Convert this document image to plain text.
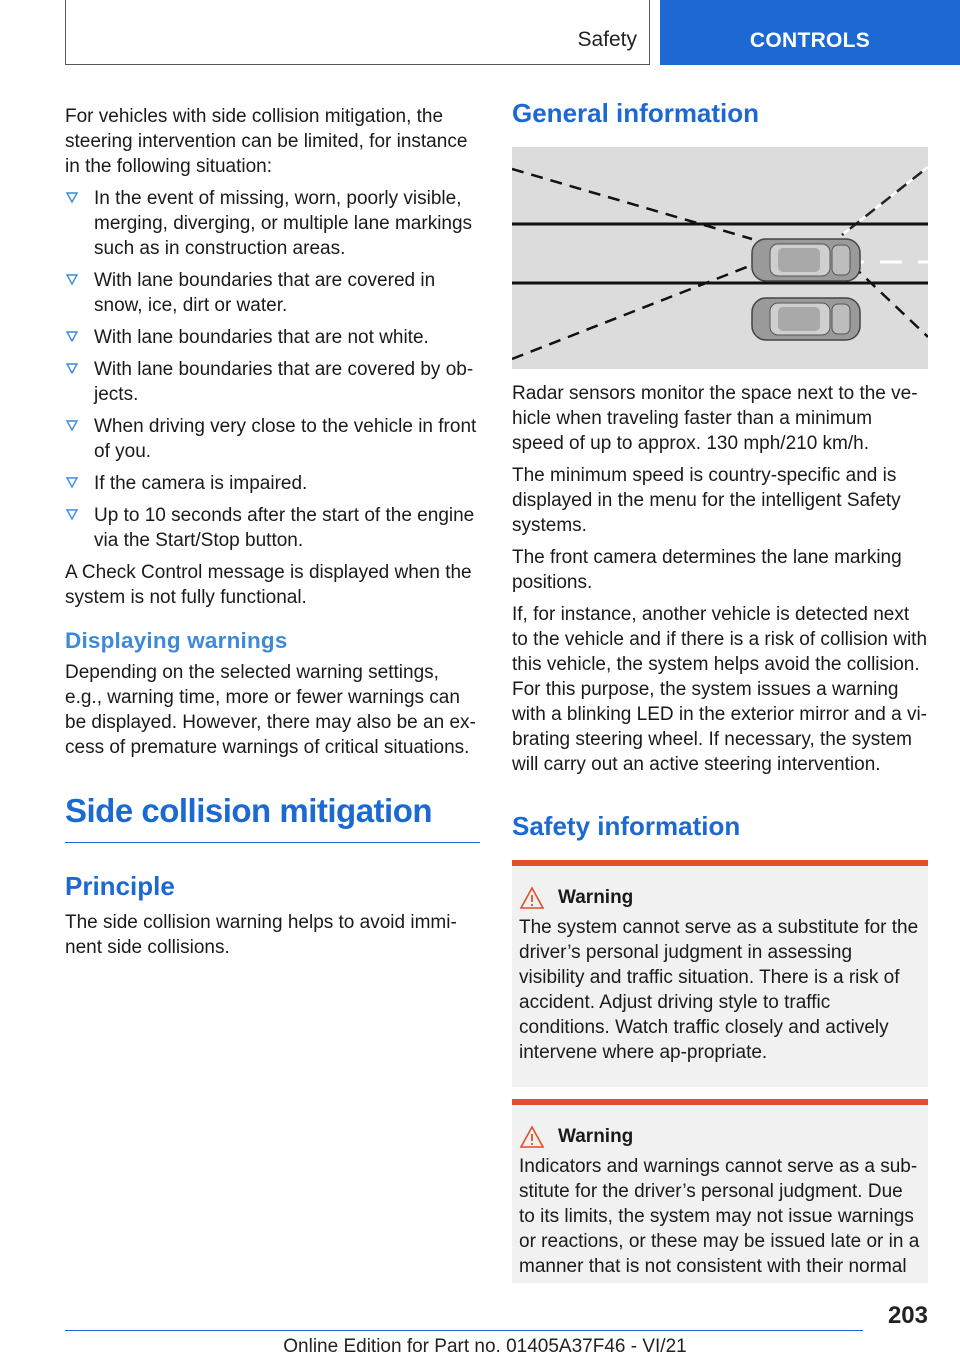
Safety	CONTROLS

For vehicles with side collision mitigation, the steering intervention can be limited, for instance in the following situation:

In the event of missing, worn, poorly visible, merging, diverging, or multiple lane markings such as in construction areas.
With lane boundaries that are covered in snow, ice, dirt or water.
With lane boundaries that are not white.
With lane boundaries that are covered by ob-jects.
When driving very close to the vehicle in front of you.
If the camera is impaired.
Up to 10 seconds after the start of the engine via the Start/Stop button.

A Check Control message is displayed when the system is not fully functional.

Displaying warnings

Depending on the selected warning settings, e.g., warning time, more or fewer warnings can be displayed. However, there may also be an ex-cess of premature warnings of critical situations.

Side collision mitigation
Principle

The side collision warning helps to avoid immi-nent side collisions.

General information

Radar sensors monitor the space next to the ve-hicle when traveling faster than a minimum speed of up to approx. 130 mph/210 km/h.

The minimum speed is country-specific and is displayed in the menu for the intelligent Safety systems.

The front camera determines the lane marking positions.

If, for instance, another vehicle is detected next to the vehicle and if there is a risk of collision with this vehicle, the system helps avoid the collision. For this purpose, the system issues a warning with a blinking LED in the exterior mirror and a vi-brating steering wheel. If necessary, the system will carry out an active steering intervention.

Safety information
Warning

The system cannot serve as a substitute for the driver’s personal judgment in assessing visibility and traffic situation. There is a risk of accident. Adjust driving style to traffic conditions. Watch traffic closely and actively intervene where ap-propriate.

Warning

Indicators and warnings cannot serve as a sub-stitute for the driver’s personal judgment. Due to its limits, the system may not issue warnings or reactions, or these may be issued late or in a manner that is not consistent with their normal

203
Online Edition for Part no. 01405A37F46 - VI/21
